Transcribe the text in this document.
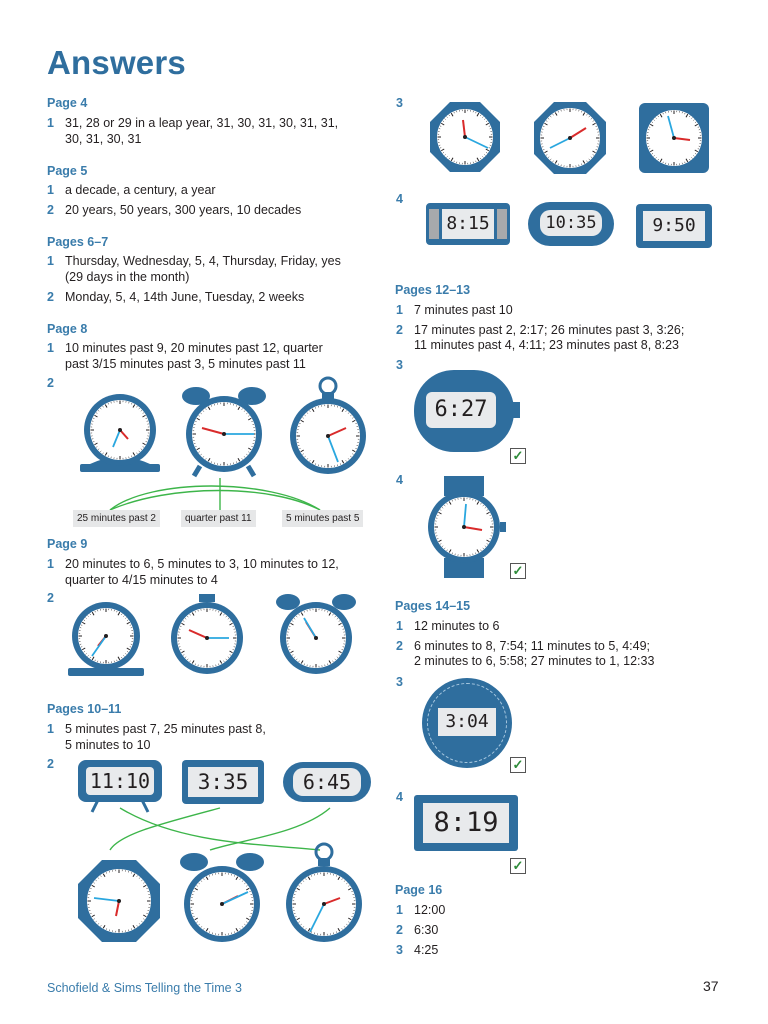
Answers
Page 4
1 31, 28 or 29 in a leap year, 31, 30, 31, 30, 31, 31,
30, 31, 30, 31
Page 5
1 a decade, a century, a year
2 20 years, 50 years, 300 years, 10 decades
Pages 6–7
1 Thursday, Wednesday, 5, 4, Thursday, Friday, yes
(29 days in the month)
2 Monday, 5, 4, 14th June, Tuesday, 2 weeks
Page 8
1 10 minutes past 9, 20 minutes past 12, quarter
past 3/15 minutes past 3, 5 minutes past 11
2
25 minutes past 2	quarter past 11	5 minutes past 5
Page 9
1 20 minutes to 6, 5 minutes to 3, 10 minutes to 12,
quarter to 4/15 minutes to 4
2
Pages 10–11
1 5 minutes past 7, 25 minutes past 8,
5 minutes to 10
2
11:10	3:35	6:45
3
4
8:15	10:35	9:50
Pages 12–13
1 7 minutes past 10
2 17 minutes past 2, 2:17; 26 minutes past 3, 3:26;
11 minutes past 4, 4:11; 23 minutes past 8, 8:23
3
6:27
✓
4
✓
Pages 14–15
1 12 minutes to 6
2 6 minutes to 8, 7:54; 11 minutes to 5, 4:49;
2 minutes to 6, 5:58; 27 minutes to 1, 12:33
3
3:04
✓
4
8:19
✓
Page 16
1 12:00
2 6:30
3 4:25
Schofield & Sims Telling the Time 3	37
